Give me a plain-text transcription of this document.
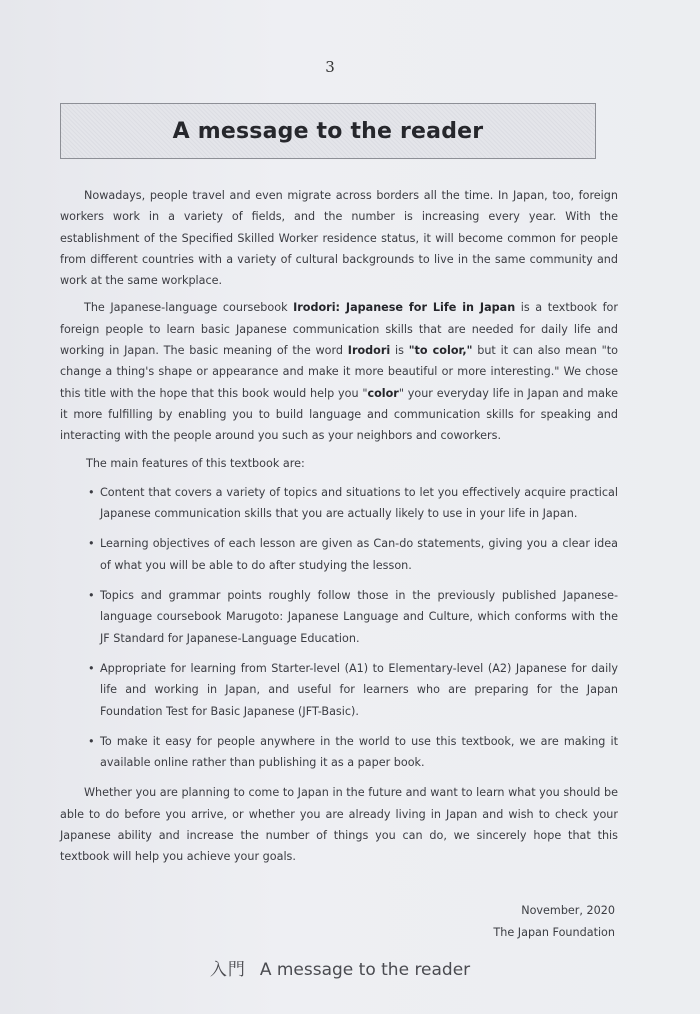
3
A message to the reader

Nowadays, people travel and even migrate across borders all the time. In Japan, too, foreign workers work in a variety of fields, and the number is increasing every year. With the establishment of the Specified Skilled Worker residence status, it will become common for people from different countries with a variety of cultural backgrounds to live in the same community and work at the same workplace.

The Japanese-language coursebook Irodori: Japanese for Life in Japan is a textbook for foreign people to learn basic Japanese communication skills that are needed for daily life and working in Japan. The basic meaning of the word Irodori is "to color," but it can also mean "to change a thing's shape or appearance and make it more beautiful or more interesting." We chose this title with the hope that this book would help you "color" your everyday life in Japan and make it more fulfilling by enabling you to build language and communication skills for speaking and interacting with the people around you such as your neighbors and coworkers.

The main features of this textbook are:

• Content that covers a variety of topics and situations to let you effectively acquire practical Japanese communication skills that you are actually likely to use in your life in Japan.
• Learning objectives of each lesson are given as Can-do statements, giving you a clear idea of what you will be able to do after studying the lesson.
• Topics and grammar points roughly follow those in the previously published Japanese-language coursebook Marugoto: Japanese Language and Culture, which conforms with the JF Standard for Japanese-Language Education.
• Appropriate for learning from Starter-level (A1) to Elementary-level (A2) Japanese for daily life and working in Japan, and useful for learners who are preparing for the Japan Foundation Test for Basic Japanese (JFT-Basic).
• To make it easy for people anywhere in the world to use this textbook, we are making it available online rather than publishing it as a paper book.

Whether you are planning to come to Japan in the future and want to learn what you should be able to do before you arrive, or whether you are already living in Japan and wish to check your Japanese ability and increase the number of things you can do, we sincerely hope that this textbook will help you achieve your goals.

November, 2020
The Japan Foundation
入門 A message to the reader
